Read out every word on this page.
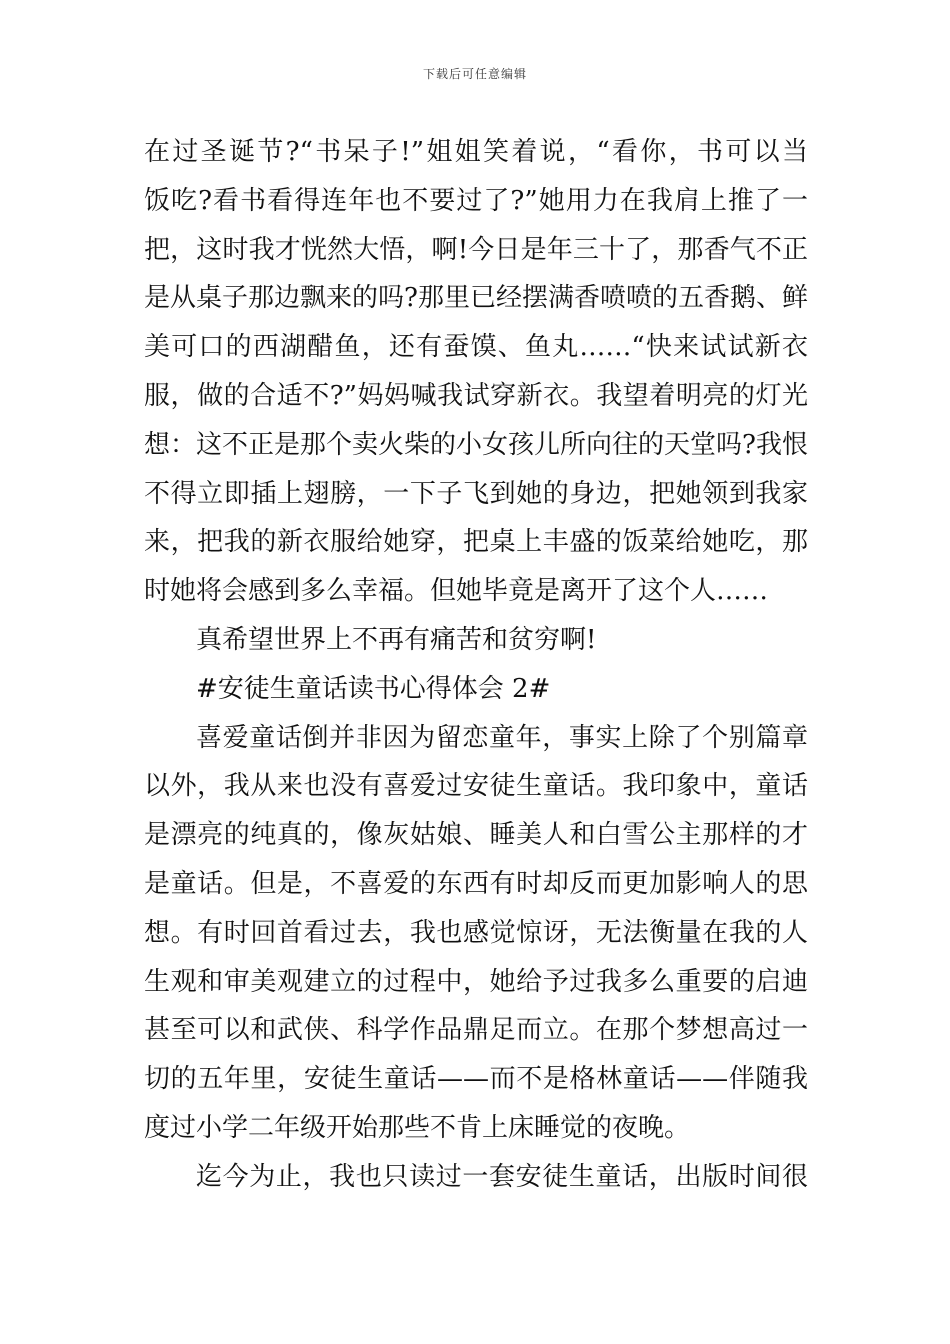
下载后可任意编辑
在过圣诞节?“书呆子!”姐姐笑着说，“看你，书可以当
饭吃?看书看得连年也不要过了?”她用力在我肩上推了一
把，这时我才恍然大悟，啊!今日是年三十了，那香气不正
是从桌子那边飘来的吗?那里已经摆满香喷喷的五香鹅、鲜
美可口的西湖醋鱼，还有蚕馍、鱼丸……“快来试试新衣
服，做的合适不?”妈妈喊我试穿新衣。我望着明亮的灯光
想：这不正是那个卖火柴的小女孩儿所向往的天堂吗?我恨
不得立即插上翅膀，一下子飞到她的身边，把她领到我家
来，把我的新衣服给她穿，把桌上丰盛的饭菜给她吃，那
时她将会感到多么幸福。但她毕竟是离开了这个人……
真希望世界上不再有痛苦和贫穷啊!
#安徒生童话读书心得体会 2#
喜爱童话倒并非因为留恋童年，事实上除了个别篇章
以外，我从来也没有喜爱过安徒生童话。我印象中，童话
是漂亮的纯真的，像灰姑娘、睡美人和白雪公主那样的才
是童话。但是，不喜爱的东西有时却反而更加影响人的思
想。有时回首看过去，我也感觉惊讶，无法衡量在我的人
生观和审美观建立的过程中，她给予过我多么重要的启迪
甚至可以和武侠、科学作品鼎足而立。在那个梦想高过一
切的五年里，安徒生童话——而不是格林童话——伴随我
度过小学二年级开始那些不肯上床睡觉的夜晚。
迄今为止，我也只读过一套安徒生童话，出版时间很
